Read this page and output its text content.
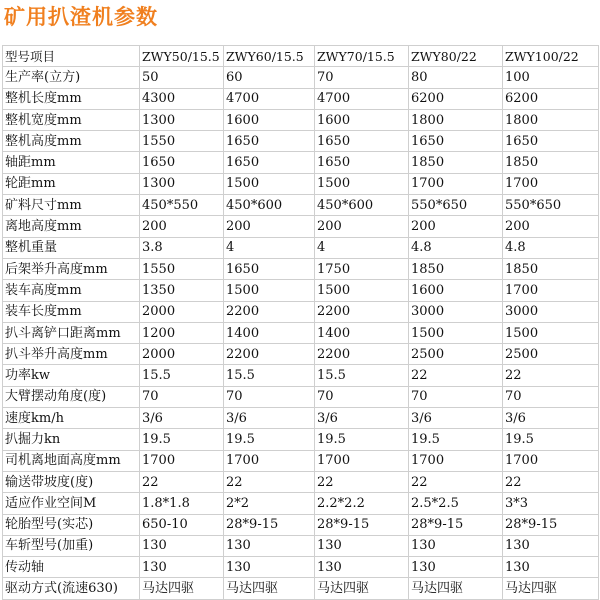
矿用扒渣机参数
型号项目	ZWY50/15.5	ZWY60/15.5	ZWY70/15.5	ZWY80/22	ZWY100/22
生产率(立方)	50	60	70	80	100
整机长度mm	4300	4700	4700	6200	6200
整机宽度mm	1300	1600	1600	1800	1800
整机高度mm	1550	1650	1650	1650	1650
轴距mm	1650	1650	1650	1850	1850
轮距mm	1300	1500	1500	1700	1700
矿料尺寸mm	450*550	450*600	450*600	550*650	550*650
离地高度mm	200	200	200	200	200
整机重量	3.8	4	4	4.8	4.8
后架举升高度mm	1550	1650	1750	1850	1850
装车高度mm	1350	1500	1500	1600	1700
装车长度mm	2000	2200	2200	3000	3000
扒斗离铲口距离mm	1200	1400	1400	1500	1500
扒斗举升高度mm	2000	2200	2200	2500	2500
功率kw	15.5	15.5	15.5	22	22
大臂摆动角度(度)	70	70	70	70	70
速度km/h	3/6	3/6	3/6	3/6	3/6
扒掘力kn	19.5	19.5	19.5	19.5	19.5
司机离地面高度mm	1700	1700	1700	1700	1700
输送带坡度(度)	22	22	22	22	22
适应作业空间M	1.8*1.8	2*2	2.2*2.2	2.5*2.5	3*3
轮胎型号(实芯)	650-10	28*9-15	28*9-15	28*9-15	28*9-15
车斩型号(加重)	130	130	130	130	130
传动轴	130	130	130	130	130
驱动方式(流速630)	马达四驱	马达四驱	马达四驱	马达四驱	马达四驱
